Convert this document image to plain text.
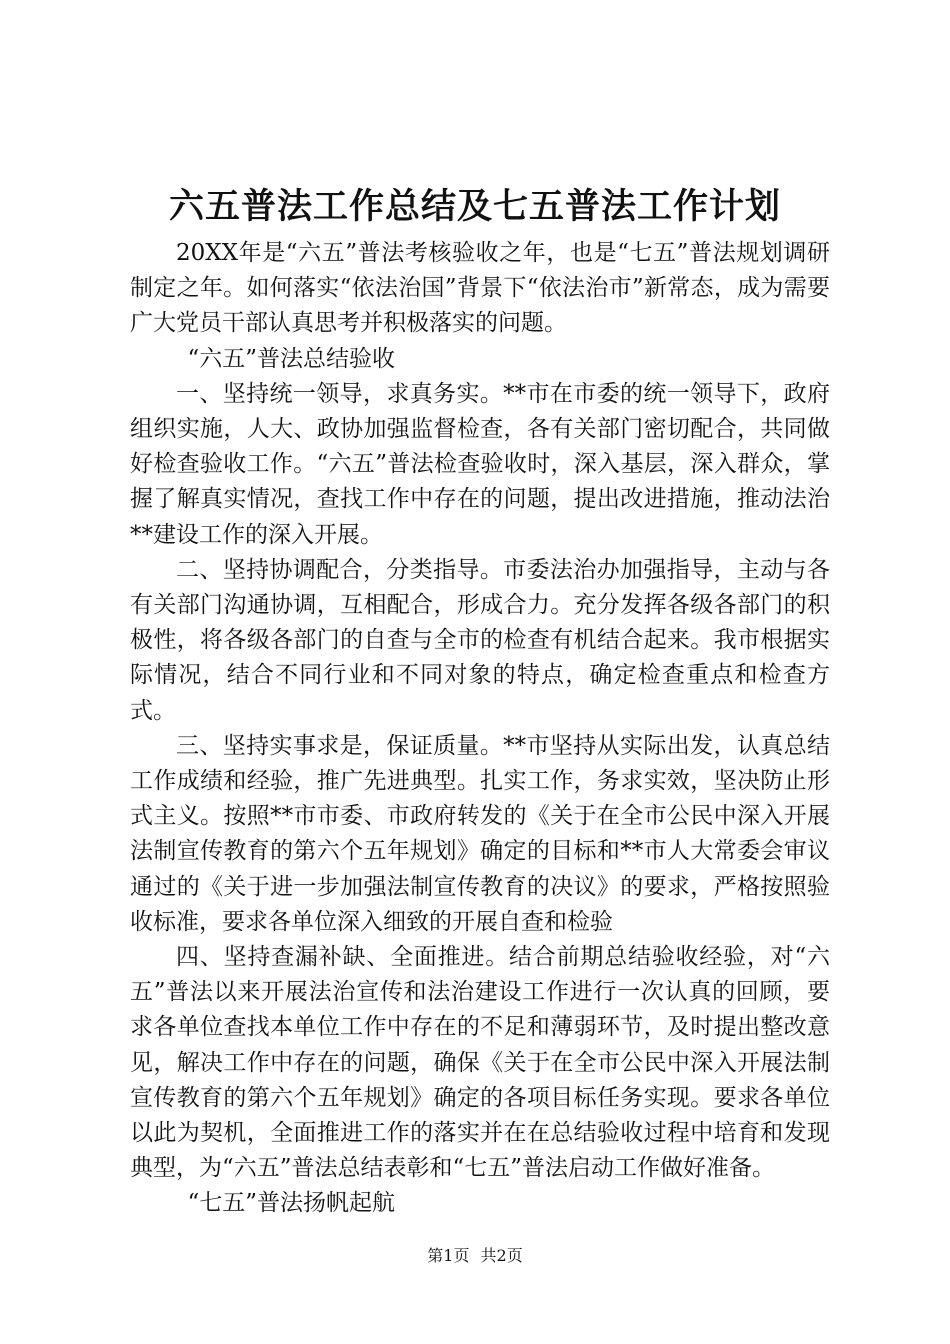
六五普法工作总结及七五普法工作计划

20XX年是“六五”普法考核验收之年，也是“七五”普法规划调研制定之年。如何落实“依法治国”背景下“依法治市”新常态，成为需要广大党员干部认真思考并积极落实的问题。

“六五”普法总结验收

一、坚持统一领导，求真务实。**市在市委的统一领导下，政府组织实施，人大、政协加强监督检查，各有关部门密切配合，共同做好检查验收工作。“六五”普法检查验收时，深入基层，深入群众，掌握了解真实情况，查找工作中存在的问题，提出改进措施，推动法治**建设工作的深入开展。

二、坚持协调配合，分类指导。市委法治办加强指导，主动与各有关部门沟通协调，互相配合，形成合力。充分发挥各级各部门的积极性，将各级各部门的自查与全市的检查有机结合起来。我市根据实际情况，结合不同行业和不同对象的特点，确定检查重点和检查方式。

三、坚持实事求是，保证质量。**市坚持从实际出发，认真总结工作成绩和经验，推广先进典型。扎实工作，务求实效，坚决防止形式主义。按照**市市委、市政府转发的《关于在全市公民中深入开展法制宣传教育的第六个五年规划》确定的目标和**市人大常委会审议通过的《关于进一步加强法制宣传教育的决议》的要求，严格按照验收标准，要求各单位深入细致的开展自查和检验

四、坚持查漏补缺、全面推进。结合前期总结验收经验，对“六五”普法以来开展法治宣传和法治建设工作进行一次认真的回顾，要求各单位查找本单位工作中存在的不足和薄弱环节，及时提出整改意见，解决工作中存在的问题，确保《关于在全市公民中深入开展法制宣传教育的第六个五年规划》确定的各项目标任务实现。要求各单位以此为契机，全面推进工作的落实并在在总结验收过程中培育和发现典型，为“六五”普法总结表彰和“七五”普法启动工作做好准备。

“七五”普法扬帆起航

第1页 共2页
